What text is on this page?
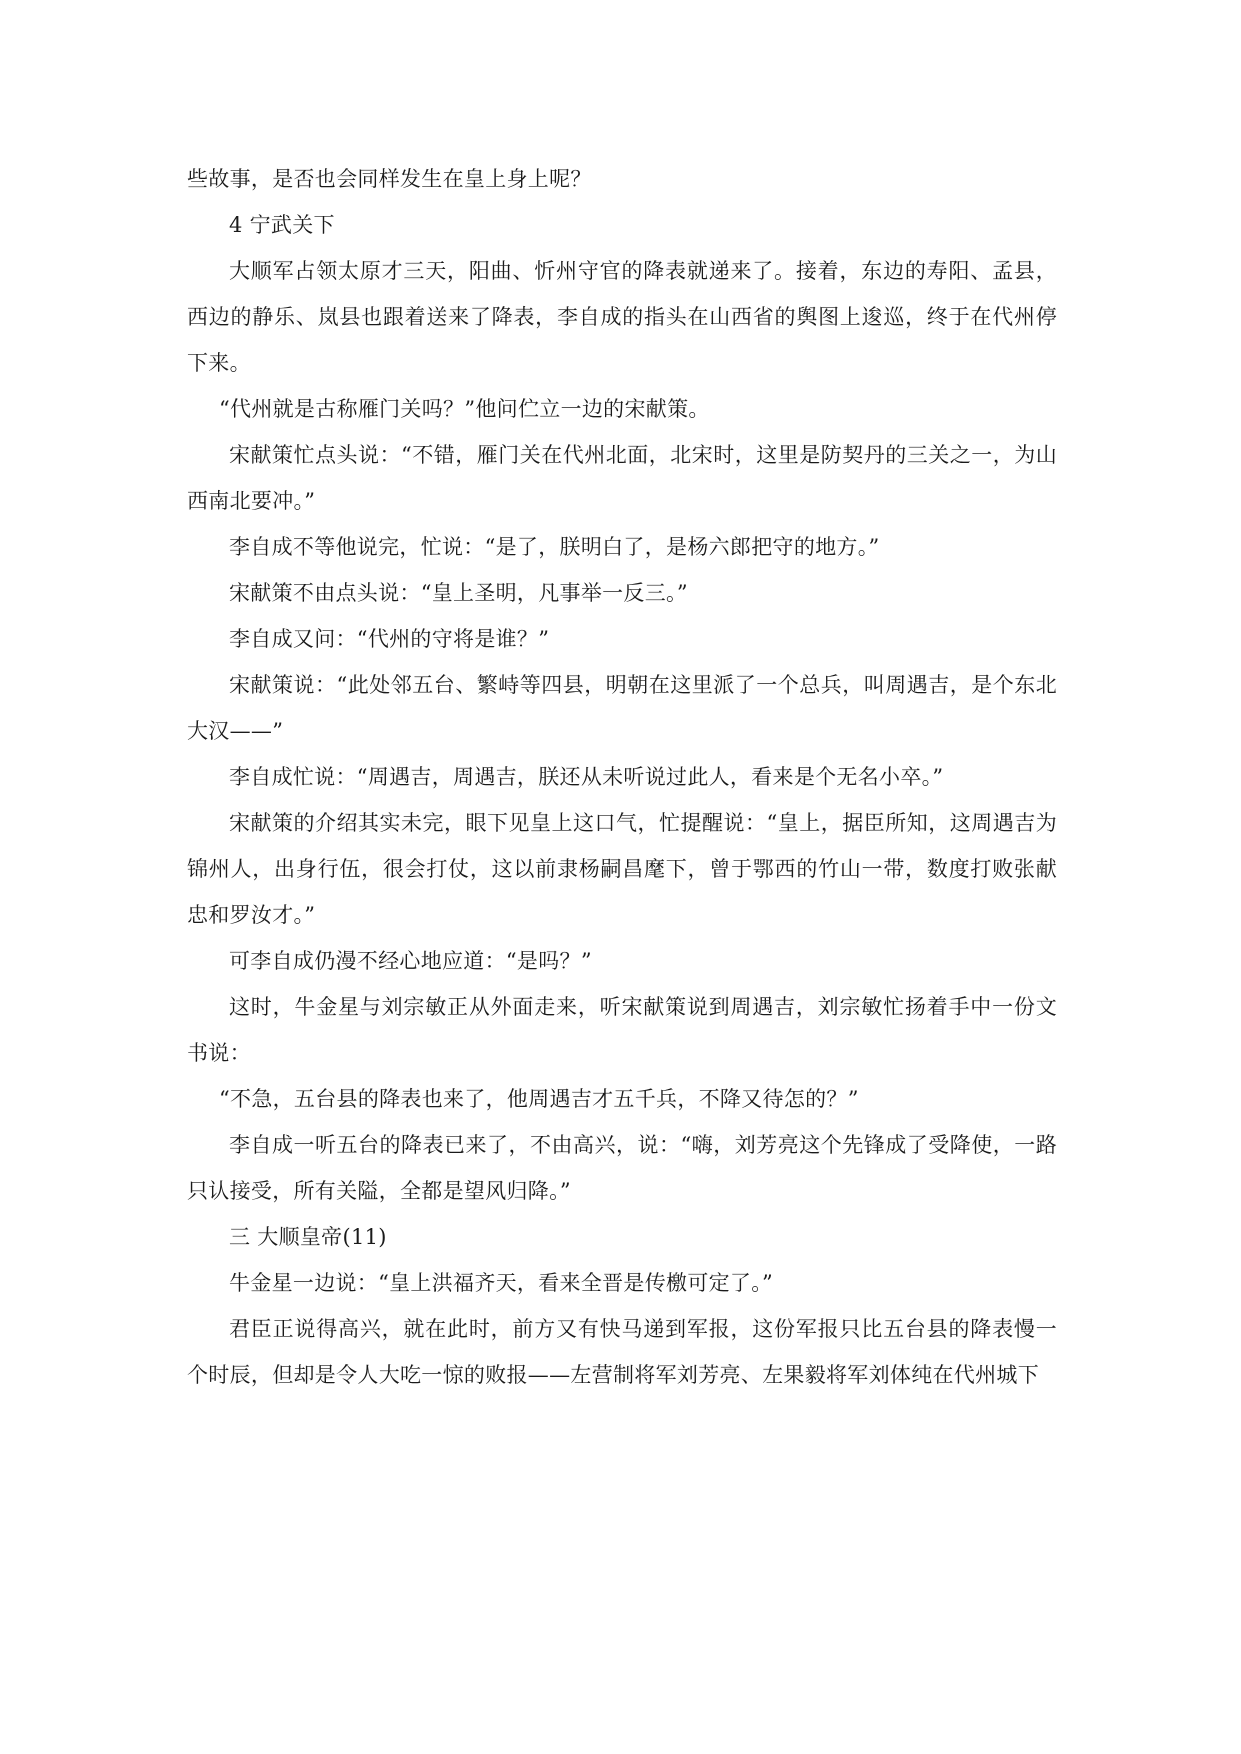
些故事，是否也会同样发生在皇上身上呢？

4 宁武关下

大顺军占领太原才三天，阳曲、忻州守官的降表就递来了。接着，东边的寿阳、孟县，西边的静乐、岚县也跟着送来了降表，李自成的指头在山西省的舆图上逡巡，终于在代州停下来。

“代州就是古称雁门关吗？”他问伫立一边的宋献策。

宋献策忙点头说：“不错，雁门关在代州北面，北宋时，这里是防契丹的三关之一，为山西南北要冲。”

李自成不等他说完，忙说：“是了，朕明白了，是杨六郎把守的地方。”

宋献策不由点头说：“皇上圣明，凡事举一反三。”

李自成又问：“代州的守将是谁？”

宋献策说：“此处邻五台、繁峙等四县，明朝在这里派了一个总兵，叫周遇吉，是个东北大汉——”

李自成忙说：“周遇吉，周遇吉，朕还从未听说过此人，看来是个无名小卒。”

宋献策的介绍其实未完，眼下见皇上这口气，忙提醒说：“皇上，据臣所知，这周遇吉为锦州人，出身行伍，很会打仗，这以前隶杨嗣昌麾下，曾于鄂西的竹山一带，数度打败张献忠和罗汝才。”

可李自成仍漫不经心地应道：“是吗？”

这时，牛金星与刘宗敏正从外面走来，听宋献策说到周遇吉，刘宗敏忙扬着手中一份文书说：

“不急，五台县的降表也来了，他周遇吉才五千兵，不降又待怎的？”

李自成一听五台的降表已来了，不由高兴，说：“嗨，刘芳亮这个先锋成了受降使，一路只认接受，所有关隘，全都是望风归降。”

三 大顺皇帝(11)

牛金星一边说：“皇上洪福齐天，看来全晋是传檄可定了。”

君臣正说得高兴，就在此时，前方又有快马递到军报，这份军报只比五台县的降表慢一个时辰，但却是令人大吃一惊的败报——左营制将军刘芳亮、左果毅将军刘体纯在代州城下
